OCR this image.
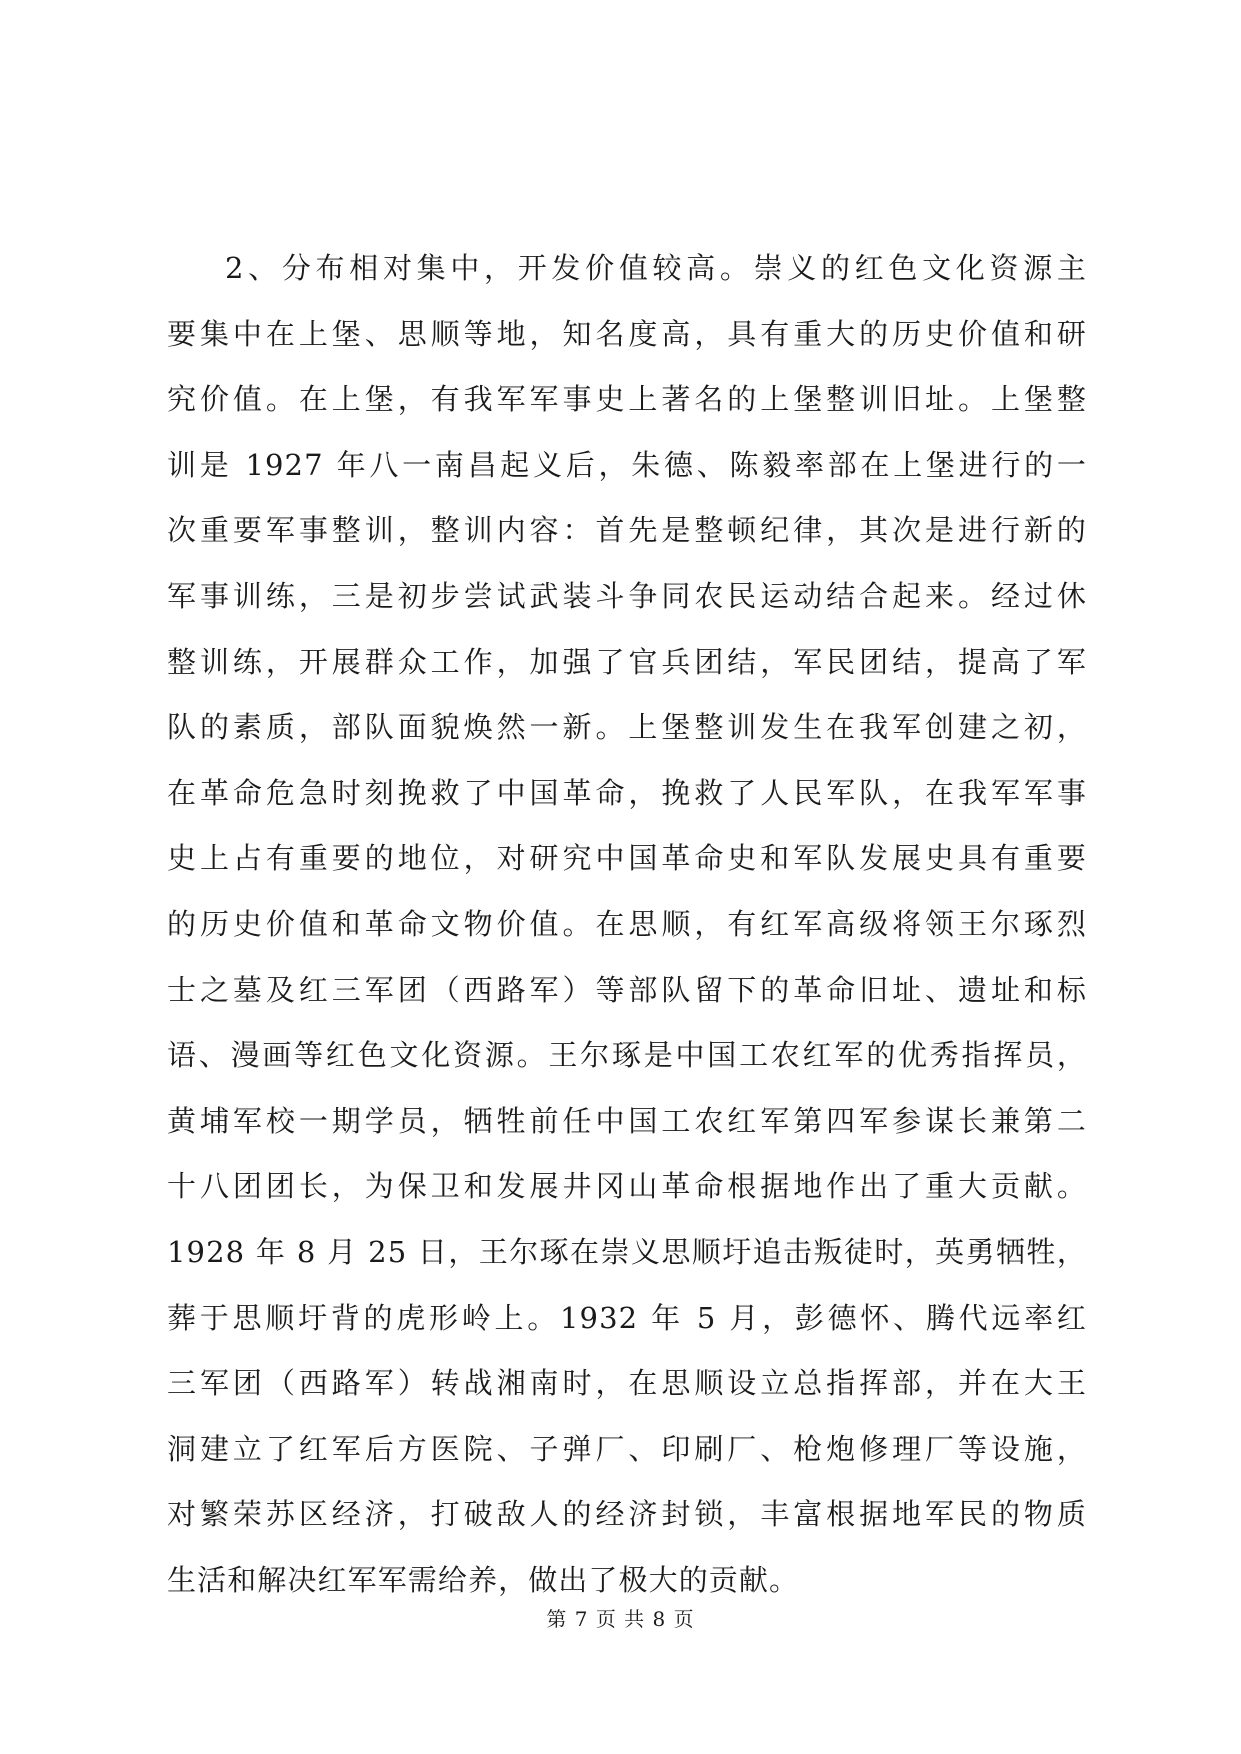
2、分布相对集中，开发价值较高。崇义的红色文化资源主
要集中在上堡、思顺等地，知名度高，具有重大的历史价值和研
究价值。在上堡，有我军军事史上著名的上堡整训旧址。上堡整
训是 1927 年八一南昌起义后，朱德、陈毅率部在上堡进行的一
次重要军事整训，整训内容：首先是整顿纪律，其次是进行新的
军事训练，三是初步尝试武装斗争同农民运动结合起来。经过休
整训练，开展群众工作，加强了官兵团结，军民团结，提高了军
队的素质，部队面貌焕然一新。上堡整训发生在我军创建之初，
在革命危急时刻挽救了中国革命，挽救了人民军队，在我军军事
史上占有重要的地位，对研究中国革命史和军队发展史具有重要
的历史价值和革命文物价值。在思顺，有红军高级将领王尔琢烈
士之墓及红三军团（西路军）等部队留下的革命旧址、遗址和标
语、漫画等红色文化资源。王尔琢是中国工农红军的优秀指挥员，
黄埔军校一期学员，牺牲前任中国工农红军第四军参谋长兼第二
十八团团长，为保卫和发展井冈山革命根据地作出了重大贡献。
1928 年 8 月 25 日，王尔琢在崇义思顺圩追击叛徒时，英勇牺牲，
葬于思顺圩背的虎形岭上。1932 年 5 月，彭德怀、腾代远率红
三军团（西路军）转战湘南时，在思顺设立总指挥部，并在大王
洞建立了红军后方医院、子弹厂、印刷厂、枪炮修理厂等设施，
对繁荣苏区经济，打破敌人的经济封锁，丰富根据地军民的物质
生活和解决红军军需给养，做出了极大的贡献。
第 7 页 共 8 页
